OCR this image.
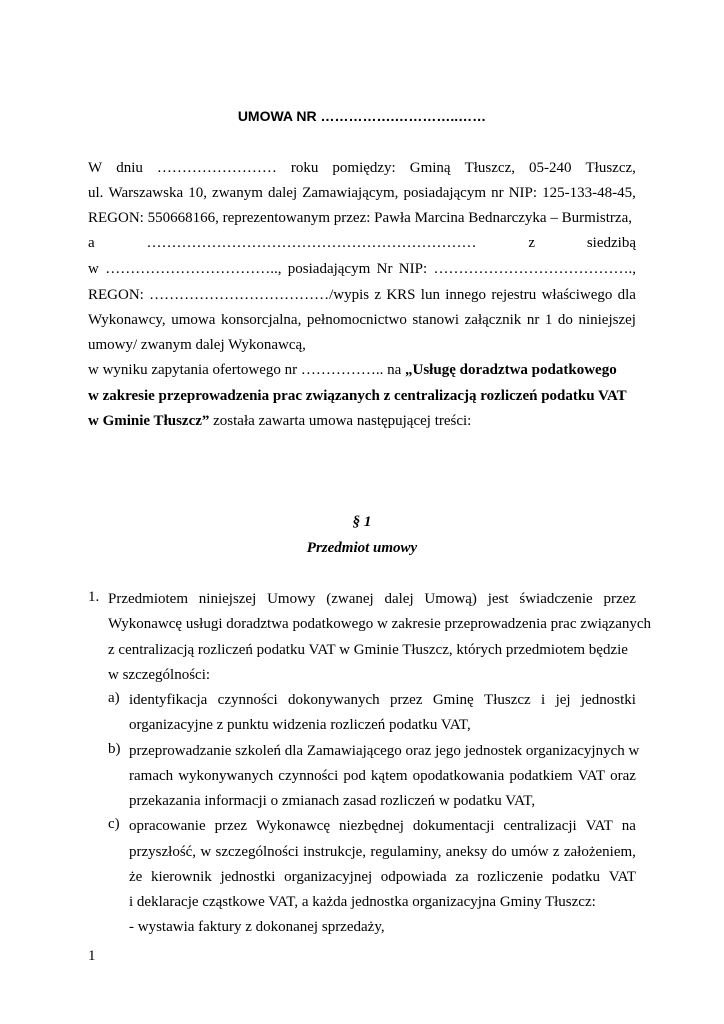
UMOWA NR …………….…………..……
W dniu …………………… roku pomiędzy: Gminą Tłuszcz, 05-240 Tłuszcz,
ul. Warszawska 10, zwanym dalej Zamawiającym, posiadającym nr NIP: 125-133-48-45,
REGON: 550668166, reprezentowanym przez: Pawła Marcina Bednarczyka – Burmistrza,
a	…………………………………………………………	z	siedzibą
w …………………………….., posiadającym Nr NIP: ………………………………….,
REGON: ………………………………/wypis z KRS lun innego rejestru właściwego dla
Wykonawcy, umowa konsorcjalna, pełnomocnictwo stanowi załącznik nr 1 do niniejszej
umowy/ zwanym dalej Wykonawcą,
w wyniku zapytania ofertowego nr …………….. na „Usługę doradztwa podatkowego
w zakresie przeprowadzenia prac związanych z centralizacją rozliczeń podatku VAT
w Gminie Tłuszcz” została zawarta umowa następującej treści:
§ 1
Przedmiot umowy
1. Przedmiotem niniejszej Umowy (zwanej dalej Umową) jest świadczenie przez
Wykonawcę usługi doradztwa podatkowego w zakresie przeprowadzenia prac związanych
z centralizacją rozliczeń podatku VAT w Gminie Tłuszcz, których przedmiotem będzie
w szczególności:
a) identyfikacja czynności dokonywanych przez Gminę Tłuszcz i jej jednostki
organizacyjne z punktu widzenia rozliczeń podatku VAT,
b) przeprowadzanie szkoleń dla Zamawiającego oraz jego jednostek organizacyjnych w
ramach wykonywanych czynności pod kątem opodatkowania podatkiem VAT oraz
przekazania informacji o zmianach zasad rozliczeń w podatku VAT,
c) opracowanie przez Wykonawcę niezbędnej dokumentacji centralizacji VAT na
przyszłość, w szczególności instrukcje, regulaminy, aneksy do umów z założeniem,
że kierownik jednostki organizacyjnej odpowiada za rozliczenie podatku VAT
i deklaracje cząstkowe VAT, a każda jednostka organizacyjna Gminy Tłuszcz:
- wystawia faktury z dokonanej sprzedaży,
1
